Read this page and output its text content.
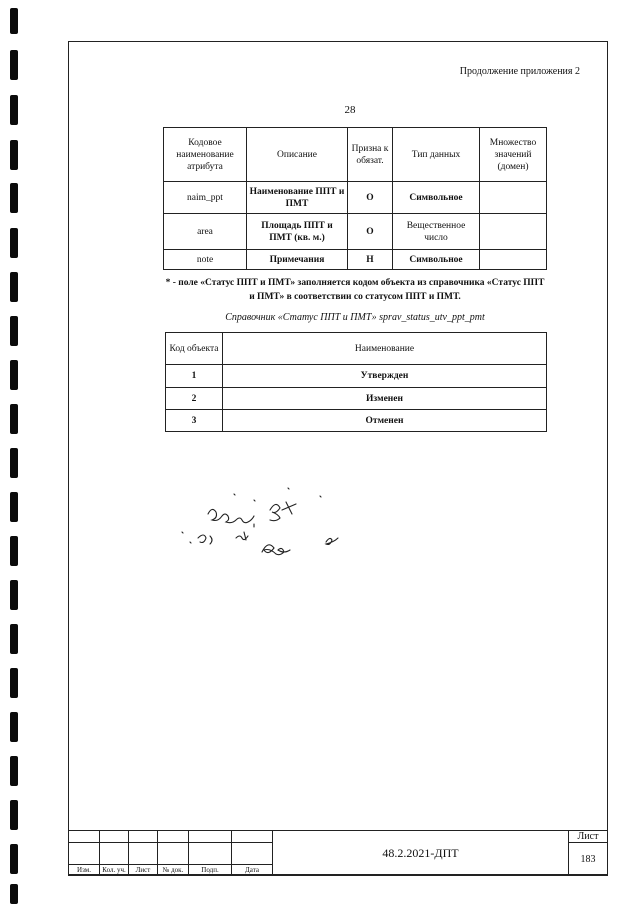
Продолжение приложения 2
28
Кодовое наименование атрибута	Описание	Призна к обязат.	Тип данных	Множество значений (домен)
naim_ppt	Наименование ППТ и ПМТ	О	Символьное	
area	Площадь ППТ и ПМТ (кв. м.)	О	Вещественное число	
note	Примечания	Н	Символьное	
* - поле «Статус ППТ и ПМТ» заполняется кодом объекта из справочника «Статус ППТ и ПМТ» в соответствии со статусом ППТ и ПМТ.
Справочник «Статус ППТ и ПМТ» sprav_status_utv_ppt_pmt
Код объекта	Наименование
1	Утвержден
2	Изменен
3	Отменен
						48.2.2021-ДПТ	Лист
							183
Изм.	Кол. уч.	Лист	№ док.	Подп.	Дата		
